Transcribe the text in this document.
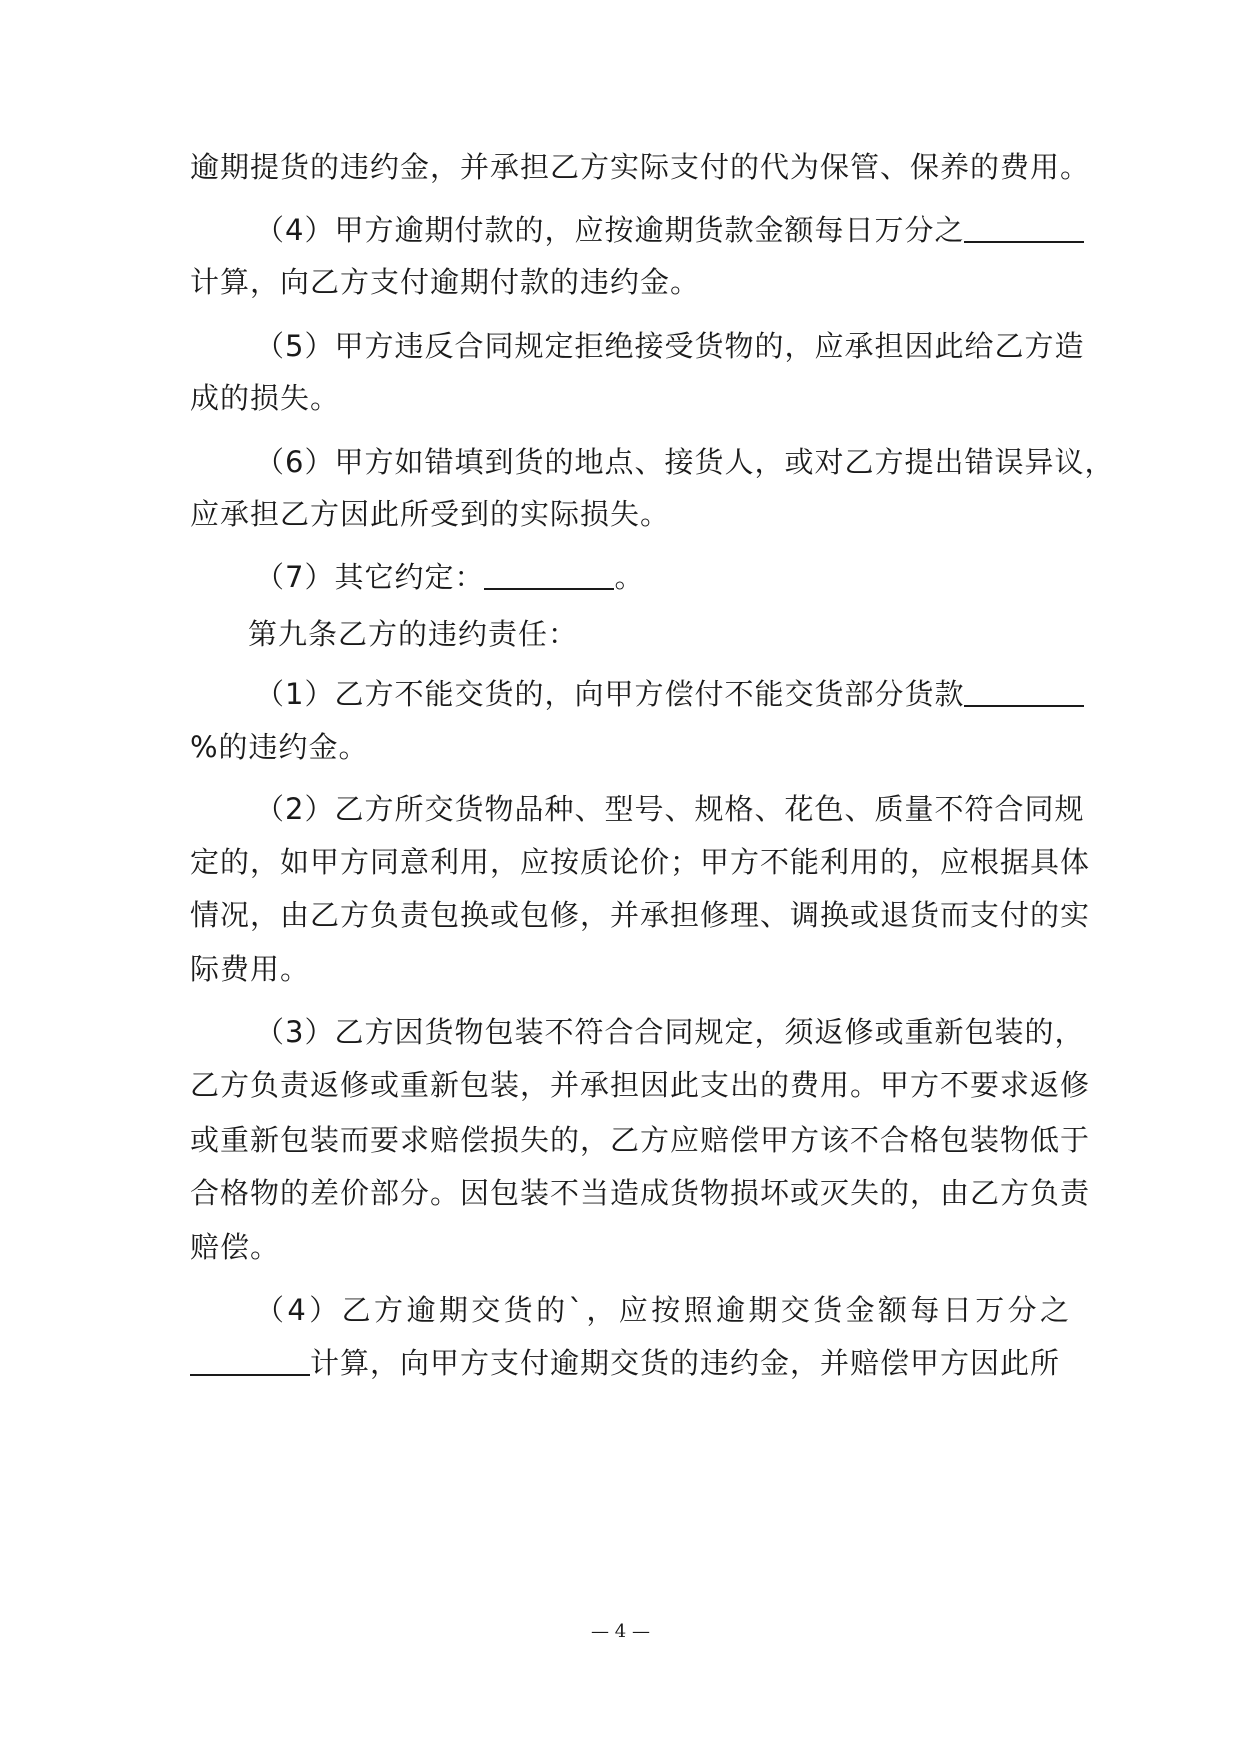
逾期提货的违约金，并承担乙方实际支付的代为保管、保养的费用。
（4）甲方逾期付款的，应按逾期货款金额每日万分之
计算，向乙方支付逾期付款的违约金。
（5）甲方违反合同规定拒绝接受货物的，应承担因此给乙方造
成的损失。
（6）甲方如错填到货的地点、接货人，或对乙方提出错误异议，
应承担乙方因此所受到的实际损失。
（7）其它约定：	。
第九条乙方的违约责任：
（1）乙方不能交货的，向甲方偿付不能交货部分货款
%的违约金。
（2）乙方所交货物品种、型号、规格、花色、质量不符合同规
定的，如甲方同意利用，应按质论价；甲方不能利用的，应根据具体
情况，由乙方负责包换或包修，并承担修理、调换或退货而支付的实
际费用。
（3）乙方因货物包装不符合合同规定，须返修或重新包装的，
乙方负责返修或重新包装，并承担因此支出的费用。甲方不要求返修
或重新包装而要求赔偿损失的，乙方应赔偿甲方该不合格包装物低于
合格物的差价部分。因包装不当造成货物损坏或灭失的，由乙方负责
赔偿。
（4）乙方逾期交货的`，应按照逾期交货金额每日万分之
计算，向甲方支付逾期交货的违约金，并赔偿甲方因此所
— 4 —
